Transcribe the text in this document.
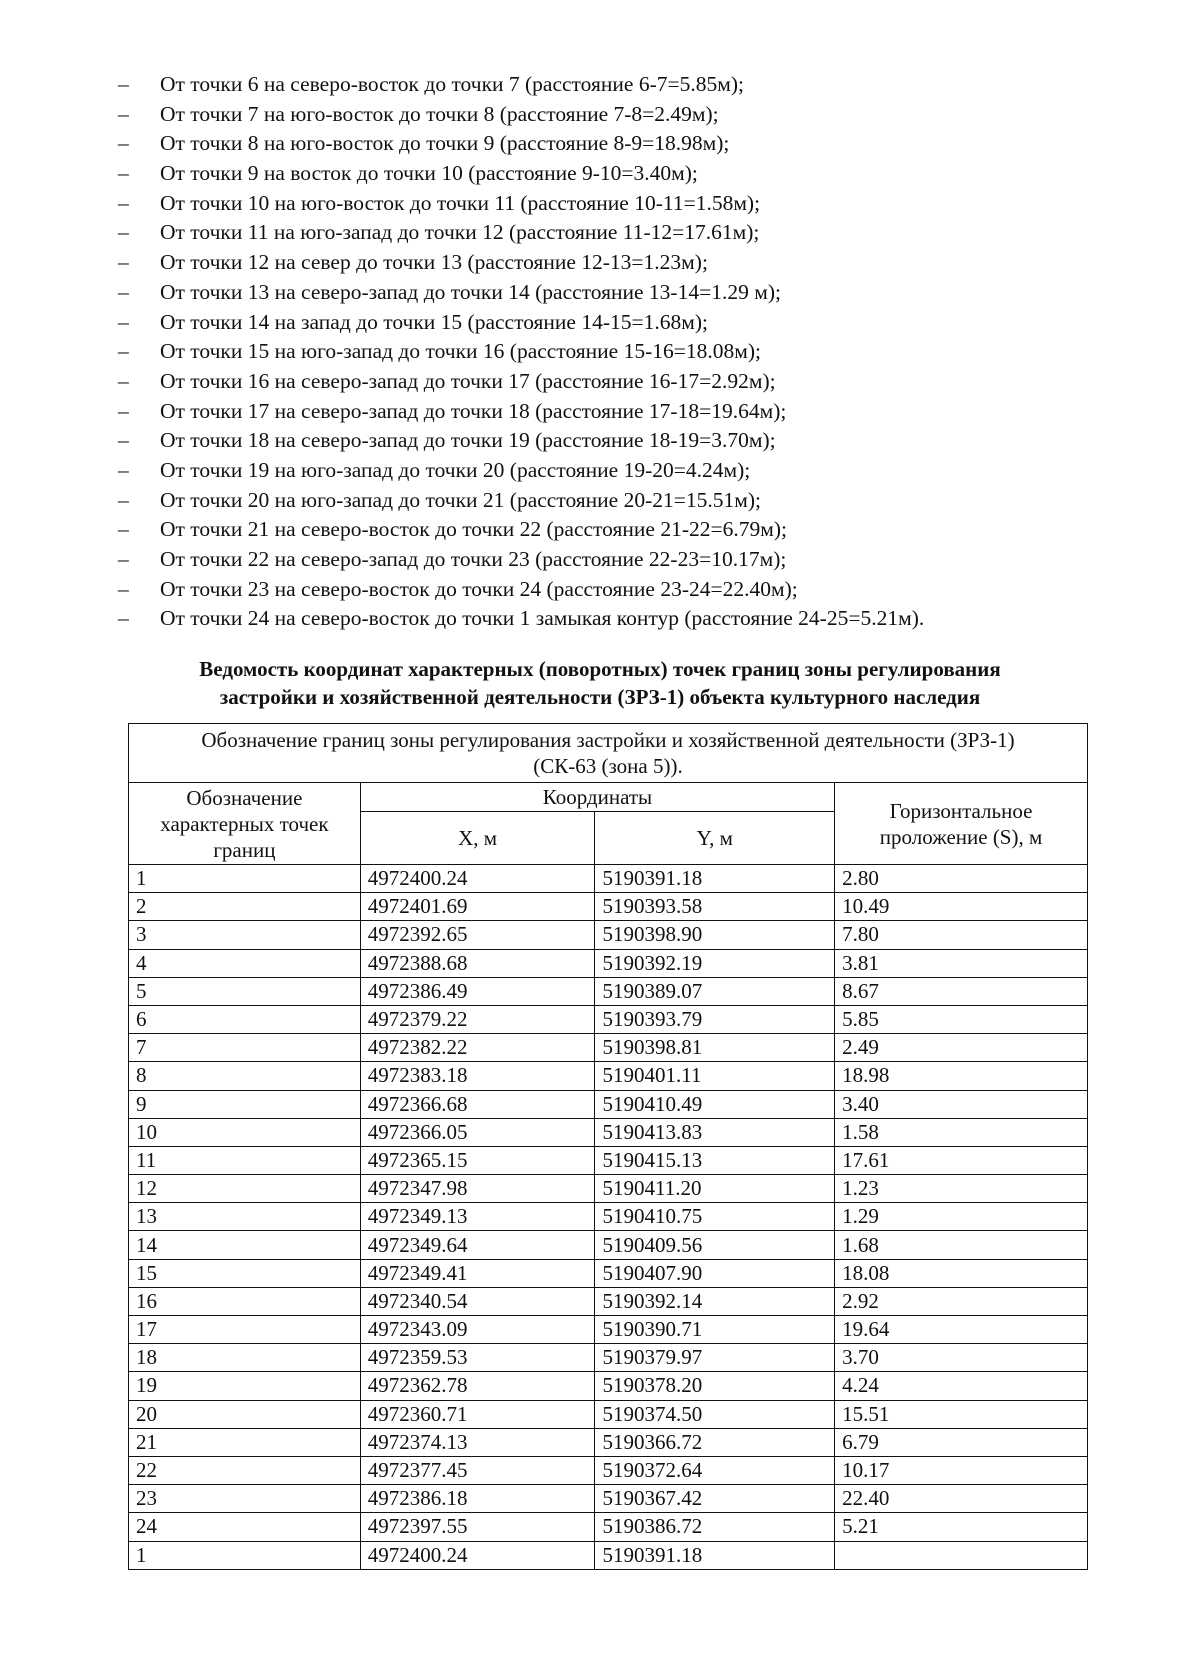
– От точки 6 на северо-восток до точки 7 (расстояние 6-7=5.85м);
– От точки 7 на юго-восток до точки 8 (расстояние 7-8=2.49м);
– От точки 8 на юго-восток до точки 9 (расстояние 8-9=18.98м);
– От точки 9 на восток до точки 10 (расстояние 9-10=3.40м);
– От точки 10 на юго-восток до точки 11 (расстояние 10-11=1.58м);
– От точки 11 на юго-запад до точки 12 (расстояние 11-12=17.61м);
– От точки 12 на север до точки 13 (расстояние 12-13=1.23м);
– От точки 13 на северо-запад до точки 14 (расстояние 13-14=1.29 м);
– От точки 14 на запад до точки 15 (расстояние 14-15=1.68м);
– От точки 15 на юго-запад до точки 16 (расстояние 15-16=18.08м);
– От точки 16 на северо-запад до точки 17 (расстояние 16-17=2.92м);
– От точки 17 на северо-запад до точки 18 (расстояние 17-18=19.64м);
– От точки 18 на северо-запад до точки 19 (расстояние 18-19=3.70м);
– От точки 19 на юго-запад до точки 20 (расстояние 19-20=4.24м);
– От точки 20 на юго-запад до точки 21 (расстояние 20-21=15.51м);
– От точки 21 на северо-восток до точки 22 (расстояние 21-22=6.79м);
– От точки 22 на северо-запад до точки 23 (расстояние 22-23=10.17м);
– От точки 23 на северо-восток до точки 24 (расстояние 23-24=22.40м);
– От точки 24 на северо-восток до точки 1 замыкая контур (расстояние 24-25=5.21м).
Ведомость координат характерных (поворотных) точек границ зоны регулирования
застройки и хозяйственной деятельности (ЗРЗ-1) объекта культурного наследия
Обозначение границ зоны регулирования застройки и хозяйственной деятельности (ЗРЗ-1)
(СК-63 (зона 5)).			

Обозначение характерных точек границ	Координаты		Горизонтальное проложение (S), м
	X, м	Y, м	
1	4972400.24	5190391.18	2.80
2	4972401.69	5190393.58	10.49
3	4972392.65	5190398.90	7.80
4	4972388.68	5190392.19	3.81
5	4972386.49	5190389.07	8.67
6	4972379.22	5190393.79	5.85
7	4972382.22	5190398.81	2.49
8	4972383.18	5190401.11	18.98
9	4972366.68	5190410.49	3.40
10	4972366.05	5190413.83	1.58
11	4972365.15	5190415.13	17.61
12	4972347.98	5190411.20	1.23
13	4972349.13	5190410.75	1.29
14	4972349.64	5190409.56	1.68
15	4972349.41	5190407.90	18.08
16	4972340.54	5190392.14	2.92
17	4972343.09	5190390.71	19.64
18	4972359.53	5190379.97	3.70
19	4972362.78	5190378.20	4.24
20	4972360.71	5190374.50	15.51
21	4972374.13	5190366.72	6.79
22	4972377.45	5190372.64	10.17
23	4972386.18	5190367.42	22.40
24	4972397.55	5190386.72	5.21
1	4972400.24	5190391.18	
